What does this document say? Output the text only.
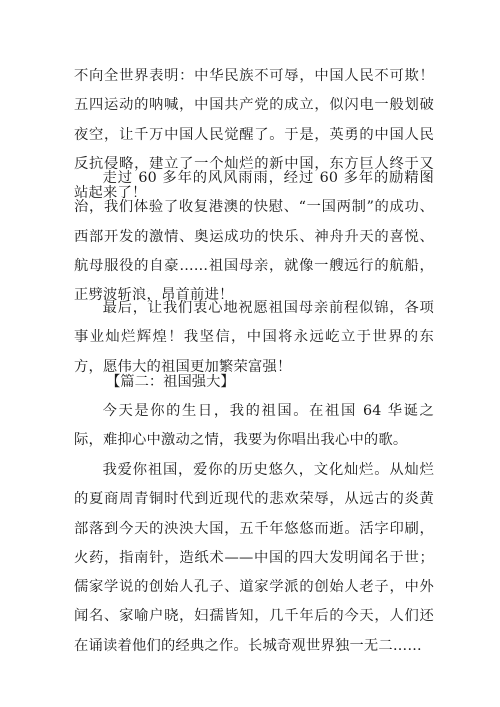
不向全世界表明：中华民族不可辱，中国人民不可欺！五四运动的呐喊，中国共产党的成立，似闪电一般划破夜空，让千万中国人民觉醒了。于是，英勇的中国人民反抗侵略，建立了一个灿烂的新中国，东方巨人终于又站起来了！

走过 60 多年的风风雨雨，经过 60 多年的励精图治，我们体验了收复港澳的快慰、“一国两制”的成功、西部开发的激情、奥运成功的快乐、神舟升天的喜悦、航母服役的自豪……祖国母亲，就像一艘远行的航船，正劈波斩浪，昂首前进！

最后，让我们衷心地祝愿祖国母亲前程似锦，各项事业灿烂辉煌！我坚信，中国将永远屹立于世界的东方，愿伟大的祖国更加繁荣富强！

【篇二：祖国强大】

今天是你的生日，我的祖国。在祖国 64 华诞之际，难抑心中激动之情，我要为你唱出我心中的歌。

我爱你祖国，爱你的历史悠久，文化灿烂。从灿烂的夏商周青铜时代到近现代的悲欢荣辱，从远古的炎黄部落到今天的泱泱大国，五千年悠悠而逝。活字印刷，火药，指南针，造纸术——中国的四大发明闻名于世；儒家学说的创始人孔子、道家学派的创始人老子，中外闻名、家喻户晓，妇孺皆知，几千年后的今天，人们还在诵读着他们的经典之作。长城奇观世界独一无二……
